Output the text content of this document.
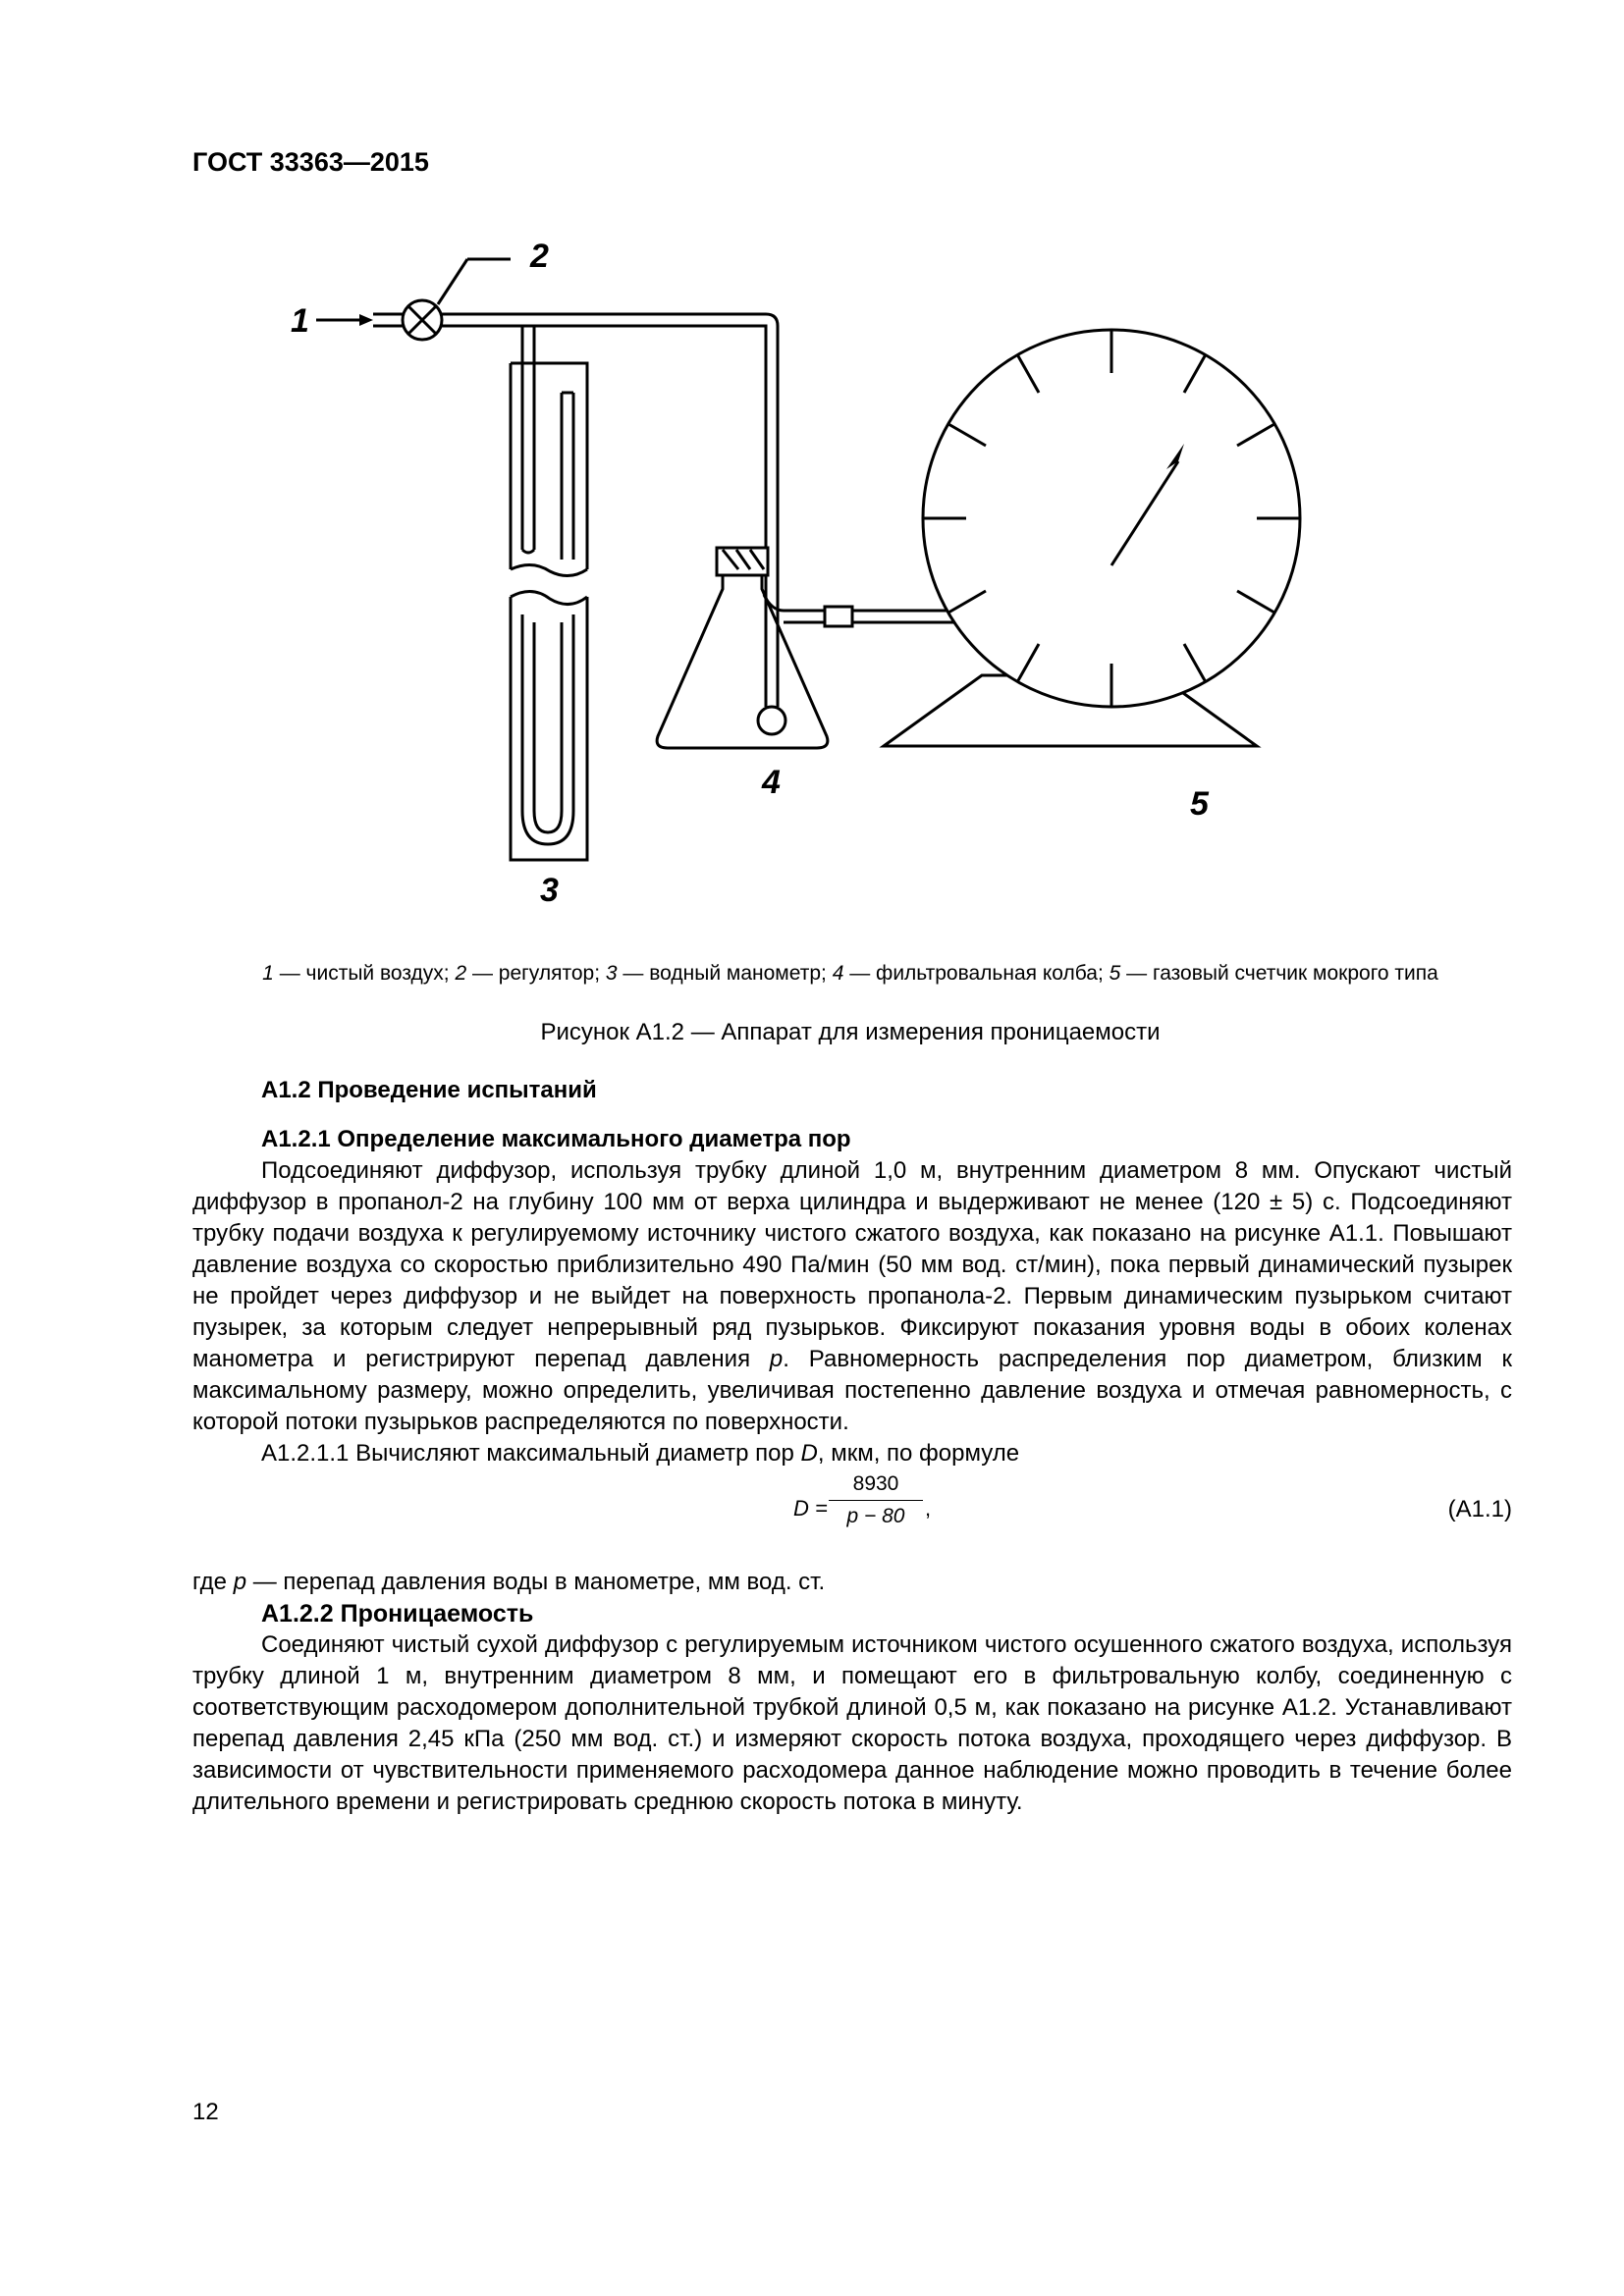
ГОСТ 33363—2015
1
2
3
4
5
1 — чистый воздух; 2 — регулятор; 3 — водный манометр; 4 — фильтровальная колба; 5 — газовый счетчик мокрого типа
Рисунок А1.2 — Аппарат для измерения проницаемости
А1.2 Проведение испытаний
А1.2.1 Определение максимального диаметра пор

Подсоединяют диффузор, используя трубку длиной 1,0 м, внутренним диаметром 8 мм. Опускают чистый диффузор в пропанол-2 на глубину 100 мм от верха цилиндра и выдерживают не менее (120 ± 5) с. Подсоединяют трубку подачи воздуха к регулируемому источнику чистого сжатого воздуха, как показано на рисунке А1.1. Повышают давление воздуха со скоростью приблизительно 490 Па/мин (50 мм вод. ст/мин), пока первый динамический пузырек не пройдет через диффузор и не выйдет на поверхность пропанола-2. Первым динамическим пузырьком считают пузырек, за которым следует непрерывный ряд пузырьков. Фиксируют показания уровня воды в обоих коленах манометра и регистрируют перепад давления p. Равномерность распределения пор диаметром, близким к максимальному размеру, можно определить, увеличивая постепенно давление воздуха и отмечая равномерность, с которой потоки пузырьков распределяются по поверхности.

А1.2.1.1 Вычисляют максимальный диаметр пор D, мкм, по формуле

$D = \frac{8930}{p - 80}$ ,	(А1.1)

где p — перепад давления воды в манометре, мм вод. ст.

А1.2.2 Проницаемость

Соединяют чистый сухой диффузор с регулируемым источником чистого осушенного сжатого воздуха, используя трубку длиной 1 м, внутренним диаметром 8 мм, и помещают его в фильтровальную колбу, соединенную с соответствующим расходомером дополнительной трубкой длиной 0,5 м, как показано на рисунке А1.2. Устанавливают перепад давления 2,45 кПа (250 мм вод. ст.) и измеряют скорость потока воздуха, проходящего через диффузор. В зависимости от чувствительности применяемого расходомера данное наблюдение можно проводить в течение более длительного времени и регистрировать среднюю скорость потока в минуту.

12
